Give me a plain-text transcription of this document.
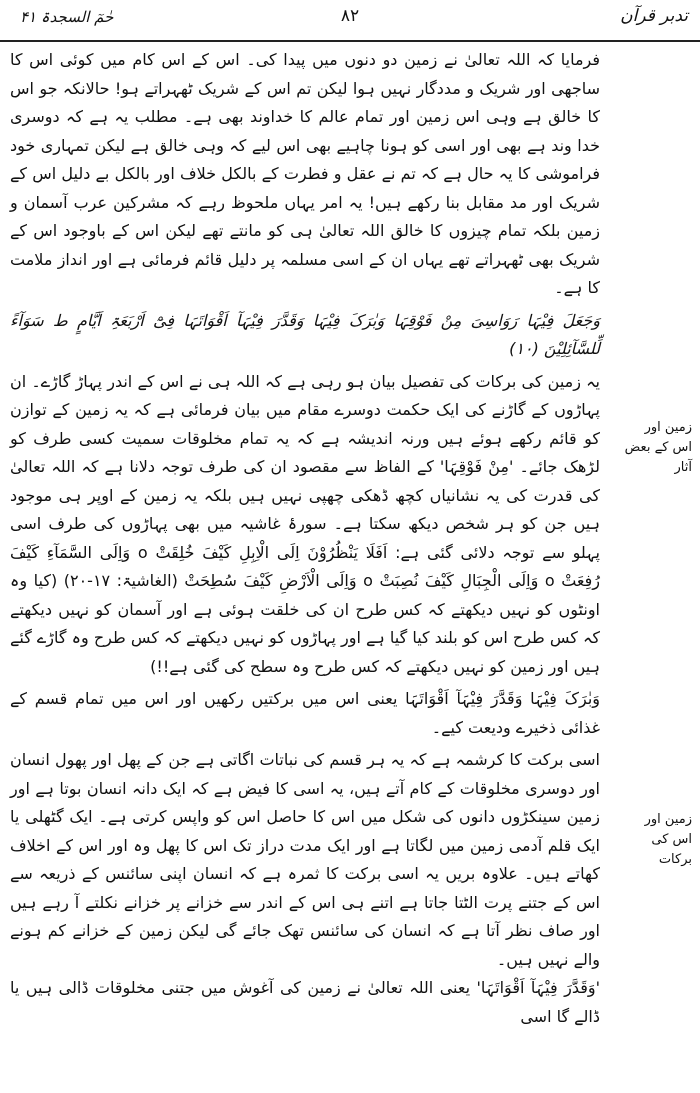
حٰمٓ السجدۃ ۴۱	۸۲	تدبر قرآن
زمین اور اس کے بعض آثار
زمین اور اس کی برکات

فرمایا کہ اللہ تعالیٰ نے زمین دو دنوں میں پیدا کی۔ اس کے اس کام میں کوئی اس کا ساجھی اور شریک و مددگار نہیں ہوا لیکن تم اس کے شریک ٹھہراتے ہو! حالانکہ جو اس کا خالق ہے وہی اس زمین اور تمام عالم کا خداوند بھی ہے۔ مطلب یہ ہے کہ دوسری خدا وند ہے بھی اور اسی کو ہونا چاہیے بھی اس لیے کہ وہی خالق ہے لیکن تمہاری خود فراموشی کا یہ حال ہے کہ تم نے عقل و فطرت کے بالکل خلاف اور بالکل بے دلیل اس کے شریک اور مد مقابل بنا رکھے ہیں! یہ امر یہاں ملحوظ رہے کہ مشرکین عرب آسمان و زمین بلکہ تمام چیزوں کا خالق اللہ تعالیٰ ہی کو مانتے تھے لیکن اس کے باوجود اس کے شریک بھی ٹھہراتے تھے یہاں ان کے اسی مسلمہ پر دلیل قائم فرمائی ہے اور انداز ملامت کا ہے۔

وَجَعَلَ فِیْہَا رَوَاسِیَ مِنْ فَوْقِہَا وَبٰرَکَ فِیْہَا وَقَدَّرَ فِیْہَآ اَقْوَاتَہَا فِیْٓ اَرْبَعَۃِ اَیَّامٍ ط سَوَآءً لِّلسَّآئِلِیْنَ (۱۰)

یہ زمین کی برکات کی تفصیل بیان ہو رہی ہے کہ اللہ ہی نے اس کے اندر پہاڑ گاڑے۔ ان پہاڑوں کے گاڑنے کی ایک حکمت دوسرے مقام میں بیان فرمائی ہے کہ یہ زمین کے توازن کو قائم رکھے ہوئے ہیں ورنہ اندیشہ ہے کہ یہ تمام مخلوقات سمیت کسی طرف کو لڑھک جائے۔ 'مِنْ فَوْقِہَا' کے الفاظ سے مقصود ان کی طرف توجہ دلانا ہے کہ اللہ تعالیٰ کی قدرت کی یہ نشانیاں کچھ ڈھکی چھپی نہیں ہیں بلکہ یہ زمین کے اوپر ہی موجود ہیں جن کو ہر شخص دیکھ سکتا ہے۔ سورۂ غاشیہ میں بھی پہاڑوں کی طرف اسی پہلو سے توجہ دلائی گئی ہے: اَفَلَا یَنْظُرُوْنَ اِلَی الْاِبِلِ کَیْفَ خُلِقَتْ o وَاِلَی السَّمَآءِ کَیْفَ رُفِعَتْ o وَاِلَی الْجِبَالِ کَیْفَ نُصِبَتْ o وَاِلَی الْاَرْضِ کَیْفَ سُطِحَتْ (الغاشیۃ: ۱۷-۲۰) (کیا وہ اونٹوں کو نہیں دیکھتے کہ کس طرح ان کی خلقت ہوئی ہے اور آسمان کو نہیں دیکھتے کہ کس طرح اس کو بلند کیا گیا ہے اور پہاڑوں کو نہیں دیکھتے کہ کس طرح وہ گاڑے گئے ہیں اور زمین کو نہیں دیکھتے کہ کس طرح وہ سطح کی گئی ہے!!)

وَبٰرَکَ فِیْہَا وَقَدَّرَ فِیْہَآ اَقْوَاتَہَا یعنی اس میں برکتیں رکھیں اور اس میں تمام قسم کے غذائی ذخیرے ودیعت کیے۔

اسی برکت کا کرشمہ ہے کہ یہ ہر قسم کی نباتات اگاتی ہے جن کے پھل اور پھول انسان اور دوسری مخلوقات کے کام آتے ہیں، یہ اسی کا فیض ہے کہ ایک دانہ انسان بوتا ہے اور زمین سینکڑوں دانوں کی شکل میں اس کا حاصل اس کو واپس کرتی ہے۔ ایک گٹھلی یا ایک قلم آدمی زمین میں لگاتا ہے اور ایک مدت دراز تک اس کا پھل وہ اور اس کے اخلاف کھاتے ہیں۔ علاوہ بریں یہ اسی برکت کا ثمرہ ہے کہ انسان اپنی سائنس کے ذریعہ سے اس کے جتنے پرت الٹتا جاتا ہے اتنے ہی اس کے اندر سے خزانے پر خزانے نکلتے آ رہے ہیں اور صاف نظر آتا ہے کہ انسان کی سائنس تھک جائے گی لیکن زمین کے خزانے کم ہونے والے نہیں ہیں۔

'وَقَدَّرَ فِیْہَآ اَقْوَاتَہَا' یعنی اللہ تعالیٰ نے زمین کی آغوش میں جتنی مخلوقات ڈالی ہیں یا ڈالے گا اسی
